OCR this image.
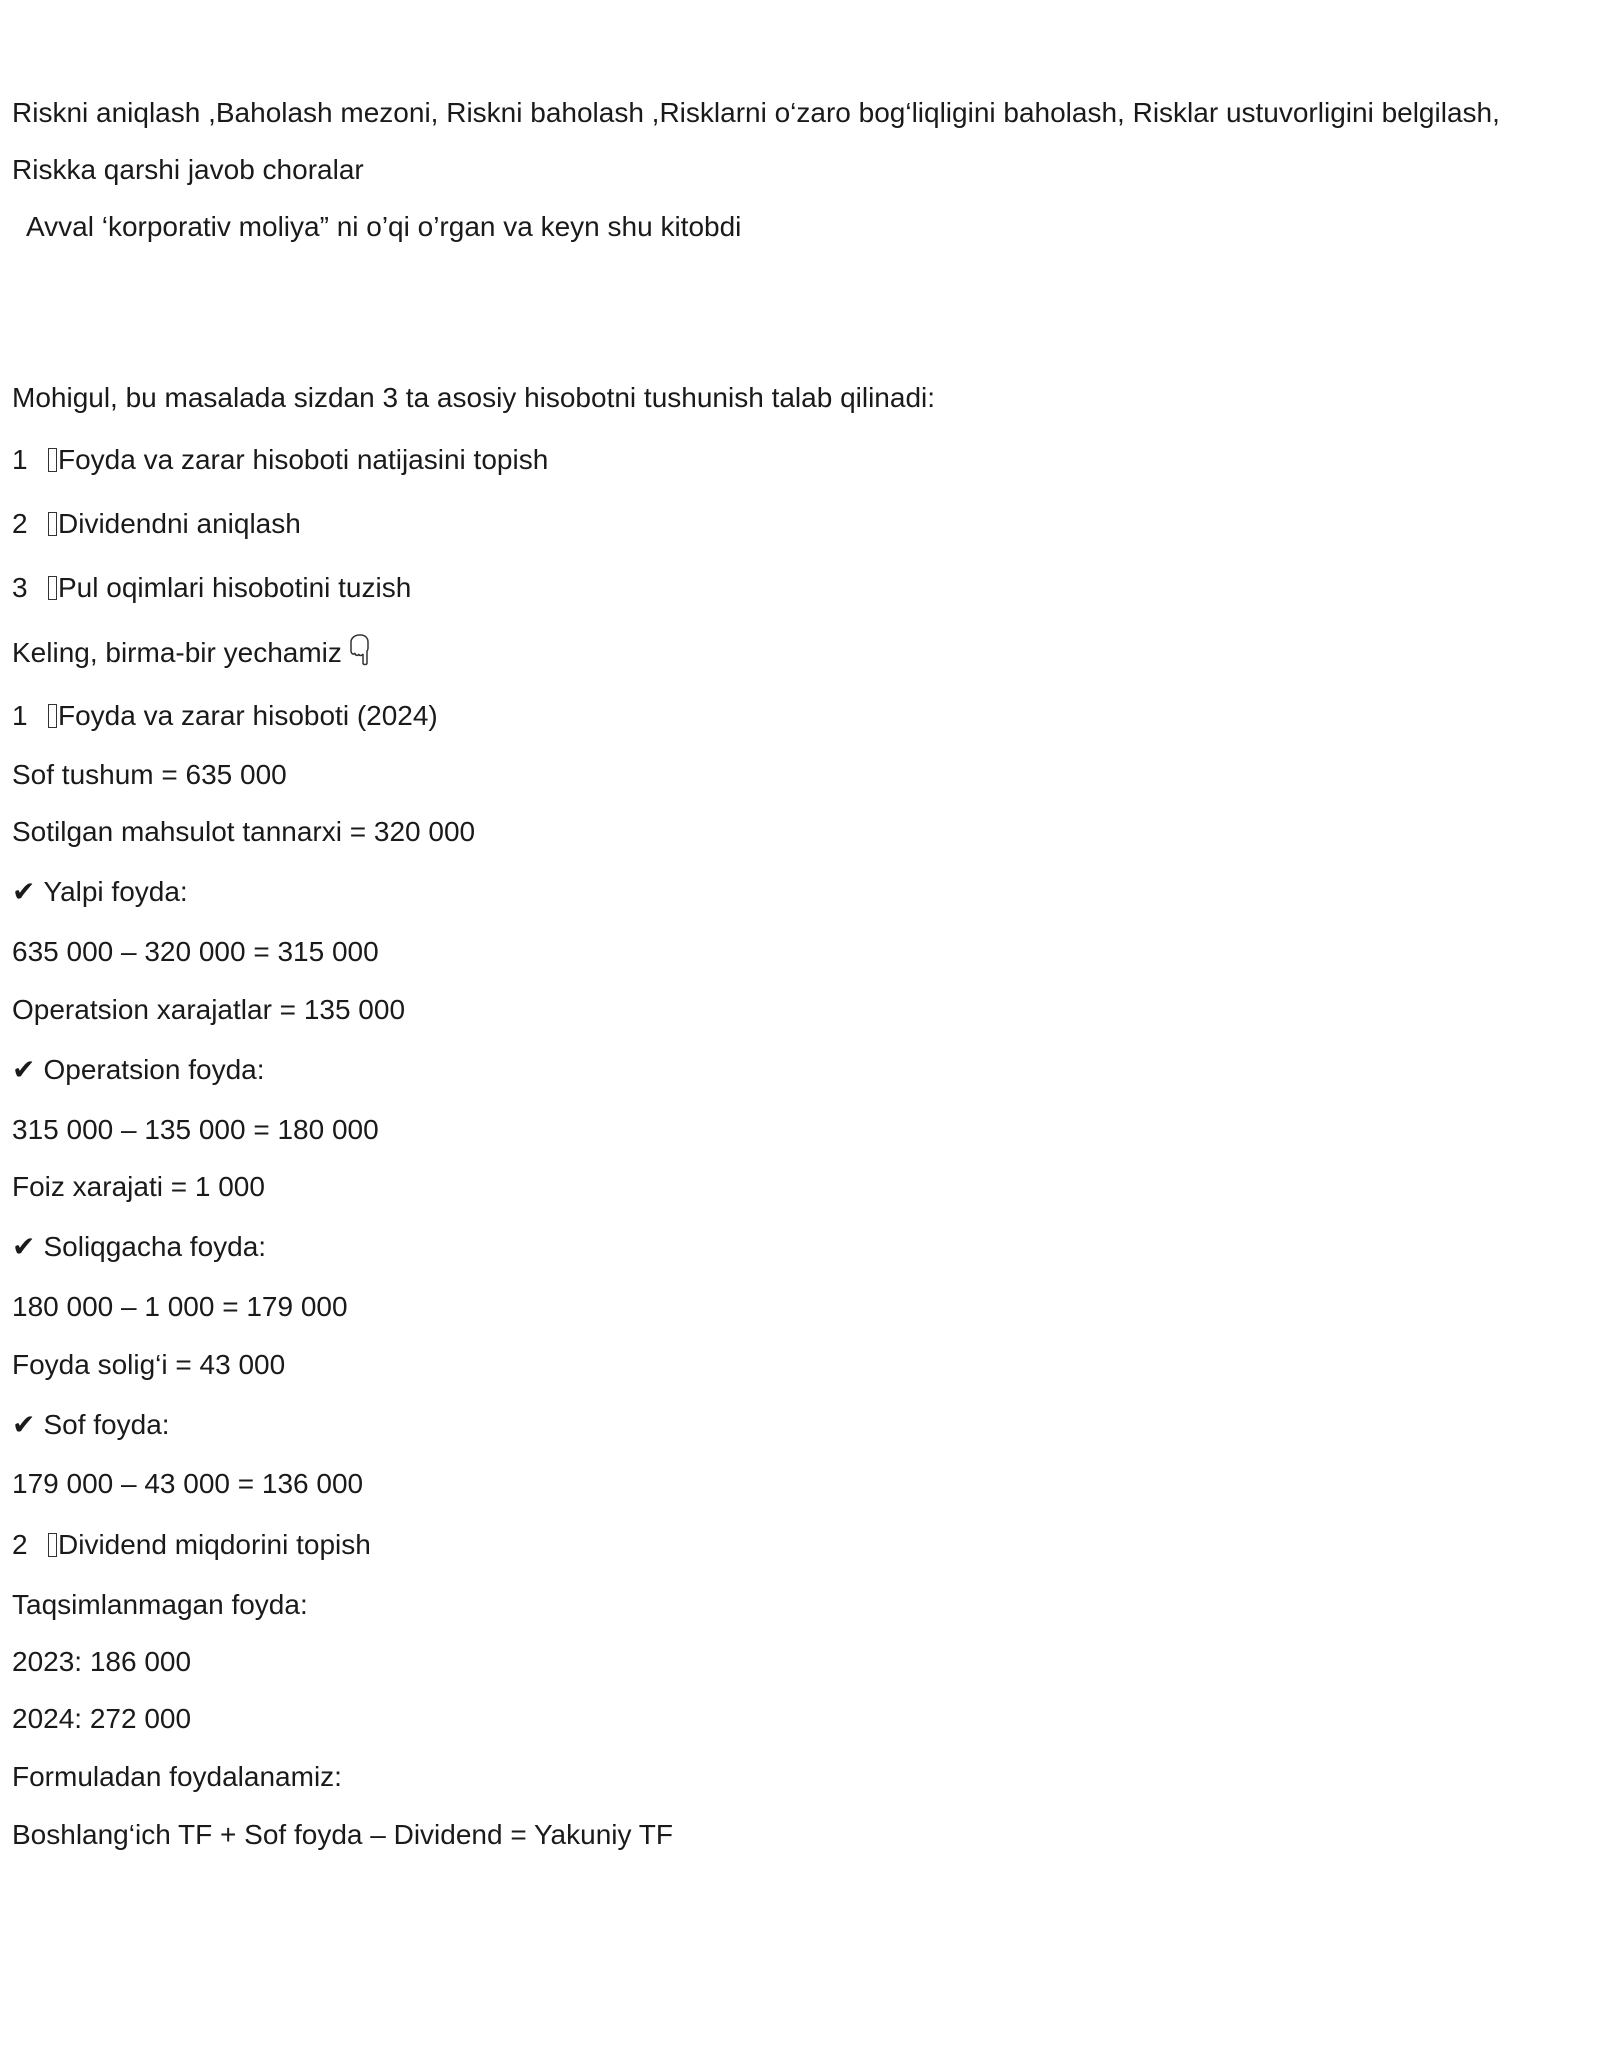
Riskni aniqlash ,Baholash mezoni, Riskni baholash ,Risklarni o‘zaro bog‘liqligini baholash, Risklar ustuvorligini belgilash,

Riskka qarshi javob choralar

Avval ‘korporativ moliya” ni o’qi o’rgan va keyn shu kitobdi

Mohigul, bu masalada sizdan 3 ta asosiy hisobotni tushunish talab qilinadi:

1 Foyda va zarar hisoboti natijasini topish

2 Dividendni aniqlash

3 Pul oqimlari hisobotini tuzish

Keling, birma-bir yechamiz

1 Foyda va zarar hisoboti (2024)

Sof tushum = 635 000

Sotilgan mahsulot tannarxi = 320 000

✔ Yalpi foyda:

635 000 – 320 000 = 315 000

Operatsion xarajatlar = 135 000

✔ Operatsion foyda:

315 000 – 135 000 = 180 000

Foiz xarajati = 1 000

✔ Soliqgacha foyda:

180 000 – 1 000 = 179 000

Foyda solig‘i = 43 000

✔ Sof foyda:

179 000 – 43 000 = 136 000

2 Dividend miqdorini topish

Taqsimlanmagan foyda:

2023: 186 000

2024: 272 000

Formuladan foydalanamiz:

Boshlang‘ich TF + Sof foyda – Dividend = Yakuniy TF
